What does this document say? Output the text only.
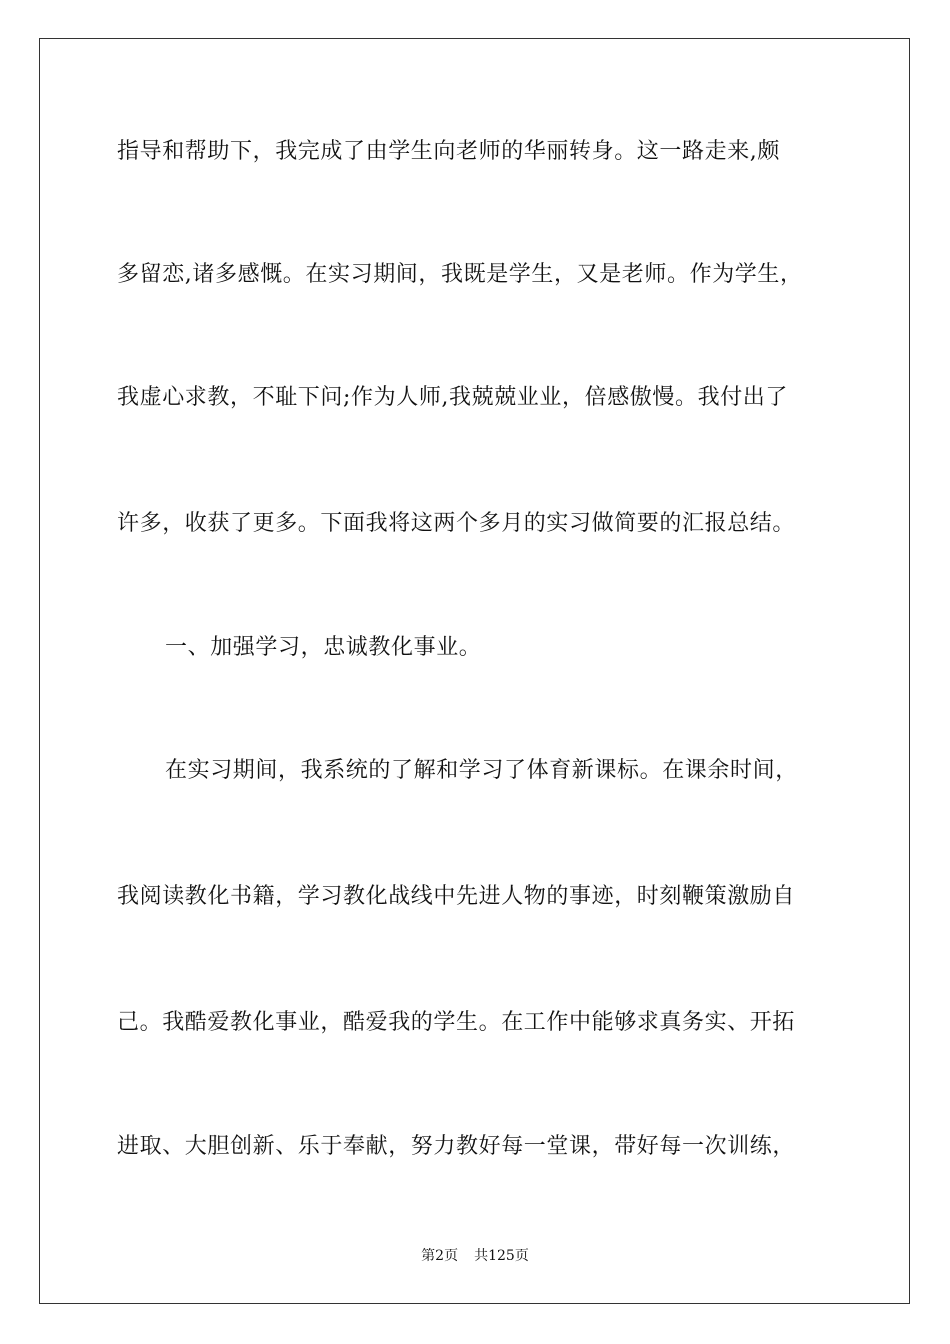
指导和帮助下，我完成了由学生向老师的华丽转身。这一路走来,颇
多留恋,诸多感慨。在实习期间，我既是学生，又是老师。作为学生，
我虚心求教，不耻下问;作为人师,我兢兢业业，倍感傲慢。我付出了
许多，收获了更多。下面我将这两个多月的实习做简要的汇报总结。
一、加强学习，忠诚教化事业。
在实习期间，我系统的了解和学习了体育新课标。在课余时间，
我阅读教化书籍，学习教化战线中先进人物的事迹，时刻鞭策激励自
己。我酷爱教化事业，酷爱我的学生。在工作中能够求真务实、开拓
进取、大胆创新、乐于奉献，努力教好每一堂课，带好每一次训练，
第2页 共125页
